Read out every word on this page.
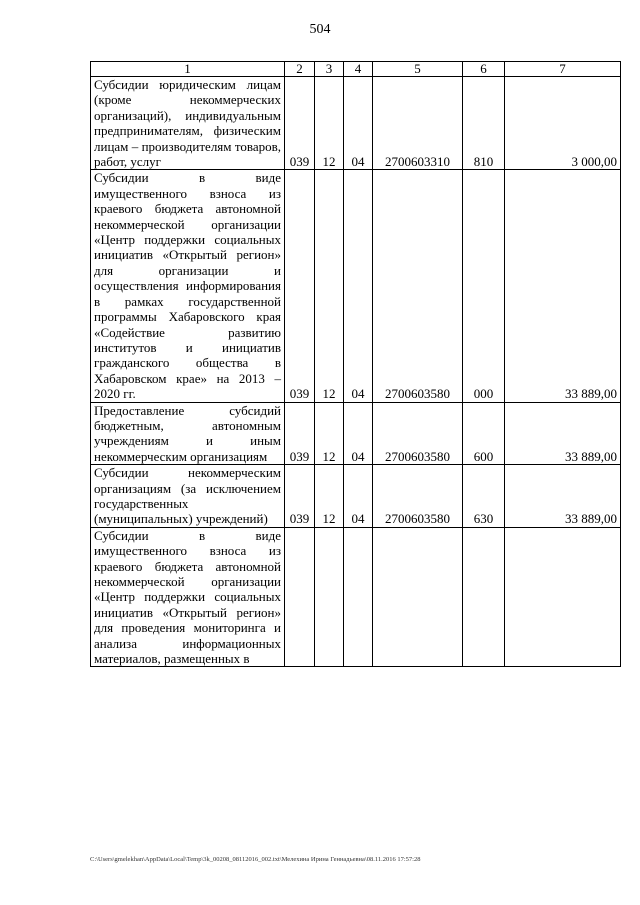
504
1	2	3	4	5	6	7

Субсидии юридическим лицам (кроме некоммерческих организаций), индивидуальным предпринимателям, физическим лицам – производителям товаров, работ, услуг	039	12	04	2700603310	810	3 000,00

Субсидии в виде имущественного взноса из краевого бюджета автономной некоммерческой организации «Центр поддержки социальных инициатив «Открытый регион» для организации и осуществления информирования в рамках государственной программы Хабаровского края «Содействие развитию институтов и инициатив гражданского общества в Хабаровском крае» на 2013 – 2020 гг.	039	12	04	2700603580	000	33 889,00

Предоставление субсидий бюджетным, автономным учреждениям и иным некоммерческим организациям	039	12	04	2700603580	600	33 889,00

Субсидии некоммерческим организациям (за исключением государственных (муниципальных) учреждений)	039	12	04	2700603580	630	33 889,00

Субсидии в виде имущественного взноса из краевого бюджета автономной некоммерческой организации «Центр поддержки социальных инициатив «Открытый регион» для проведения мониторинга и анализа информационных материалов, размещенных в						

C:\Users\gmelekhan\AppData\Local\Temp\3k_00208_08112016_002.txt\Мелехина Ирина Геннадьевна\08.11.2016 17:57:28
